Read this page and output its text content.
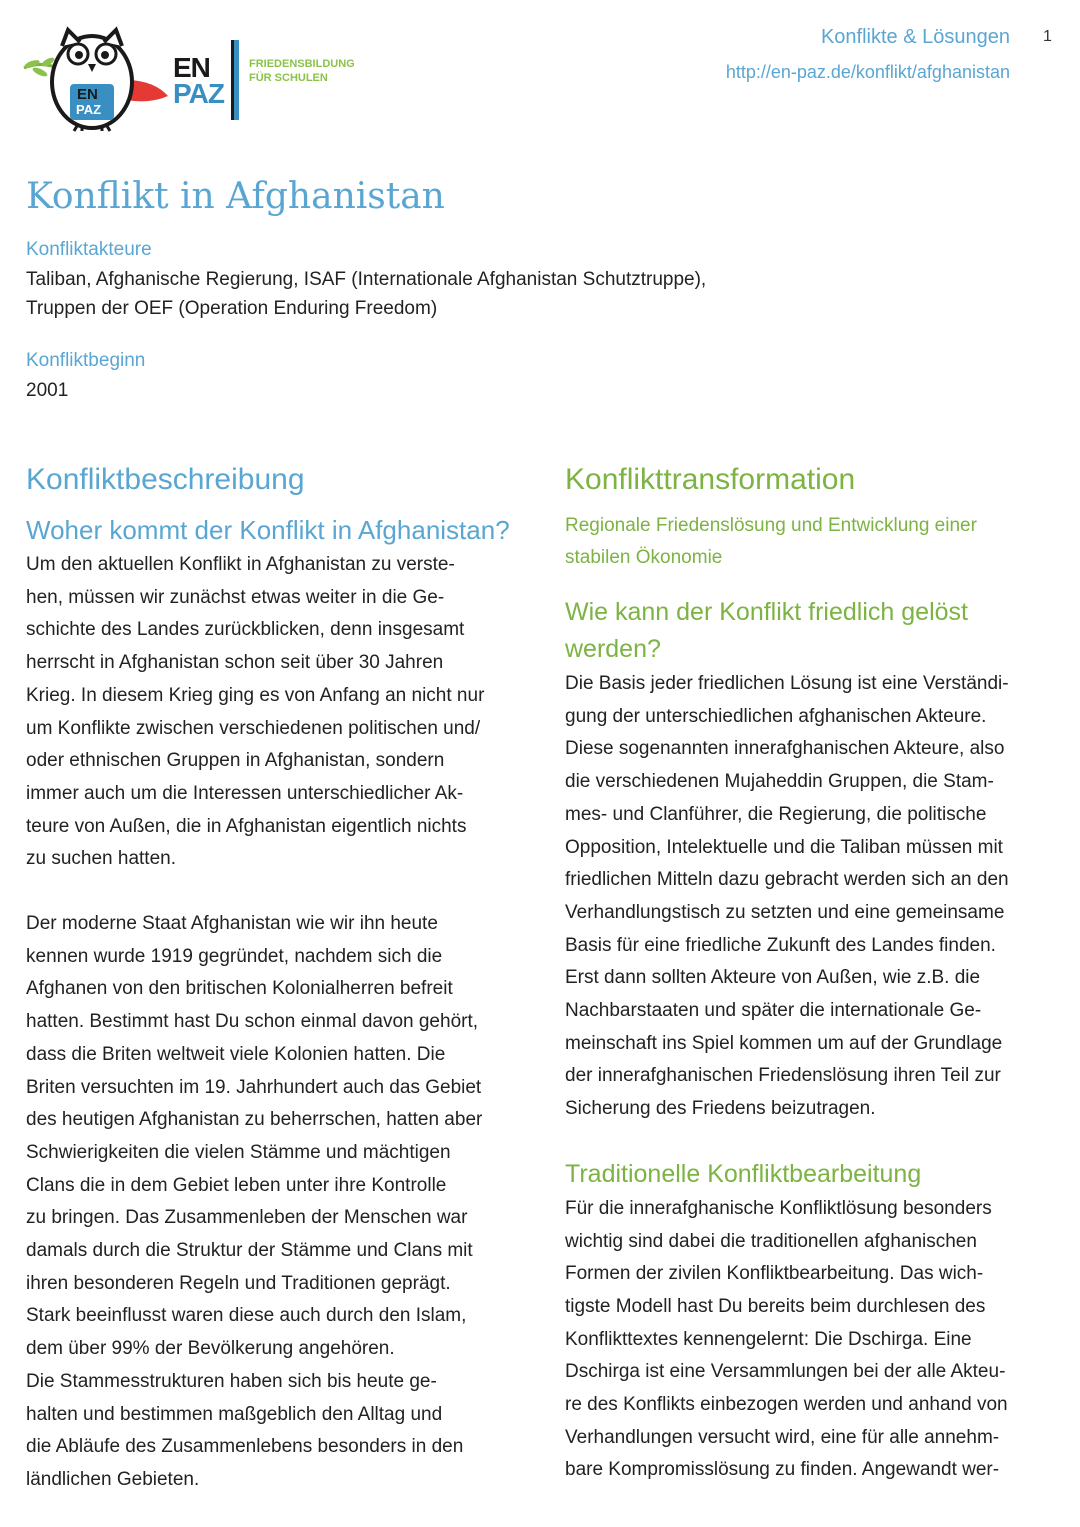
EN
PAZ
EN
PAZ
FRIEDENSBILDUNG
FÜR SCHULEN
Konflikte & Lösungen
http://en-paz.de/konflikt/afghanistan
1
Konflikt in Afghanistan
Konfliktakteure
Taliban, Afghanische Regierung, ISAF (Internationale Afghanistan Schutztruppe),
Truppen der OEF (Operation Enduring Freedom)
Konfliktbeginn
2001
Konfliktbeschreibung
Woher kommt der Konflikt in Afghanistan?

Um den aktuellen Konflikt in Afghanistan zu verste-
hen, müssen wir zunächst etwas weiter in die Ge-
schichte des Landes zurückblicken, denn insgesamt
herrscht in Afghanistan schon seit über 30 Jahren
Krieg. In diesem Krieg ging es von Anfang an nicht nur
um Konflikte zwischen verschiedenen politischen und/
oder ethnischen Gruppen in Afghanistan, sondern
immer auch um die Interessen unterschiedlicher Ak-
teure von Außen, die in Afghanistan eigentlich nichts
zu suchen hatten.

Der moderne Staat Afghanistan wie wir ihn heute
kennen wurde 1919 gegründet, nachdem sich die
Afghanen von den britischen Kolonialherren befreit
hatten. Bestimmt hast Du schon einmal davon gehört,
dass die Briten weltweit viele Kolonien hatten. Die
Briten versuchten im 19. Jahrhundert auch das Gebiet
des heutigen Afghanistan zu beherrschen, hatten aber
Schwierigkeiten die vielen Stämme und mächtigen
Clans die in dem Gebiet leben unter ihre Kontrolle
zu bringen. Das Zusammenleben der Menschen war
damals durch die Struktur der Stämme und Clans mit
ihren besonderen Regeln und Traditionen geprägt.
Stark beeinflusst waren diese auch durch den Islam,
dem über 99% der Bevölkerung angehören.
Die Stammesstrukturen haben sich bis heute ge-
halten und bestimmen maßgeblich den Alltag und
die Abläufe des Zusammenlebens besonders in den
ländlichen Gebieten.

Konflikttransformation

Regionale Friedenslösung und Entwicklung einer
stabilen Ökonomie

Wie kann der Konflikt friedlich gelöst
werden?

Die Basis jeder friedlichen Lösung ist eine Verständi-
gung der unterschiedlichen afghanischen Akteure.
Diese sogenannten innerafghanischen Akteure, also
die verschiedenen Mujaheddin Gruppen, die Stam-
mes- und Clanführer, die Regierung, die politische
Opposition, Intelektuelle und die Taliban müssen mit
friedlichen Mitteln dazu gebracht werden sich an den
Verhandlungstisch zu setzten und eine gemeinsame
Basis für eine friedliche Zukunft des Landes finden.
Erst dann sollten Akteure von Außen, wie z.B. die
Nachbarstaaten und später die internationale Ge-
meinschaft ins Spiel kommen um auf der Grundlage
der innerafghanischen Friedenslösung ihren Teil zur
Sicherung des Friedens beizutragen.

Traditionelle Konfliktbearbeitung

Für die innerafghanische Konfliktlösung besonders
wichtig sind dabei die traditionellen afghanischen
Formen der zivilen Konfliktbearbeitung. Das wich-
tigste Modell hast Du bereits beim durchlesen des
Konflikttextes kennengelernt: Die Dschirga. Eine
Dschirga ist eine Versammlungen bei der alle Akteu-
re des Konflikts einbezogen werden und anhand von
Verhandlungen versucht wird, eine für alle annehm-
bare Kompromisslösung zu finden. Angewandt wer-
